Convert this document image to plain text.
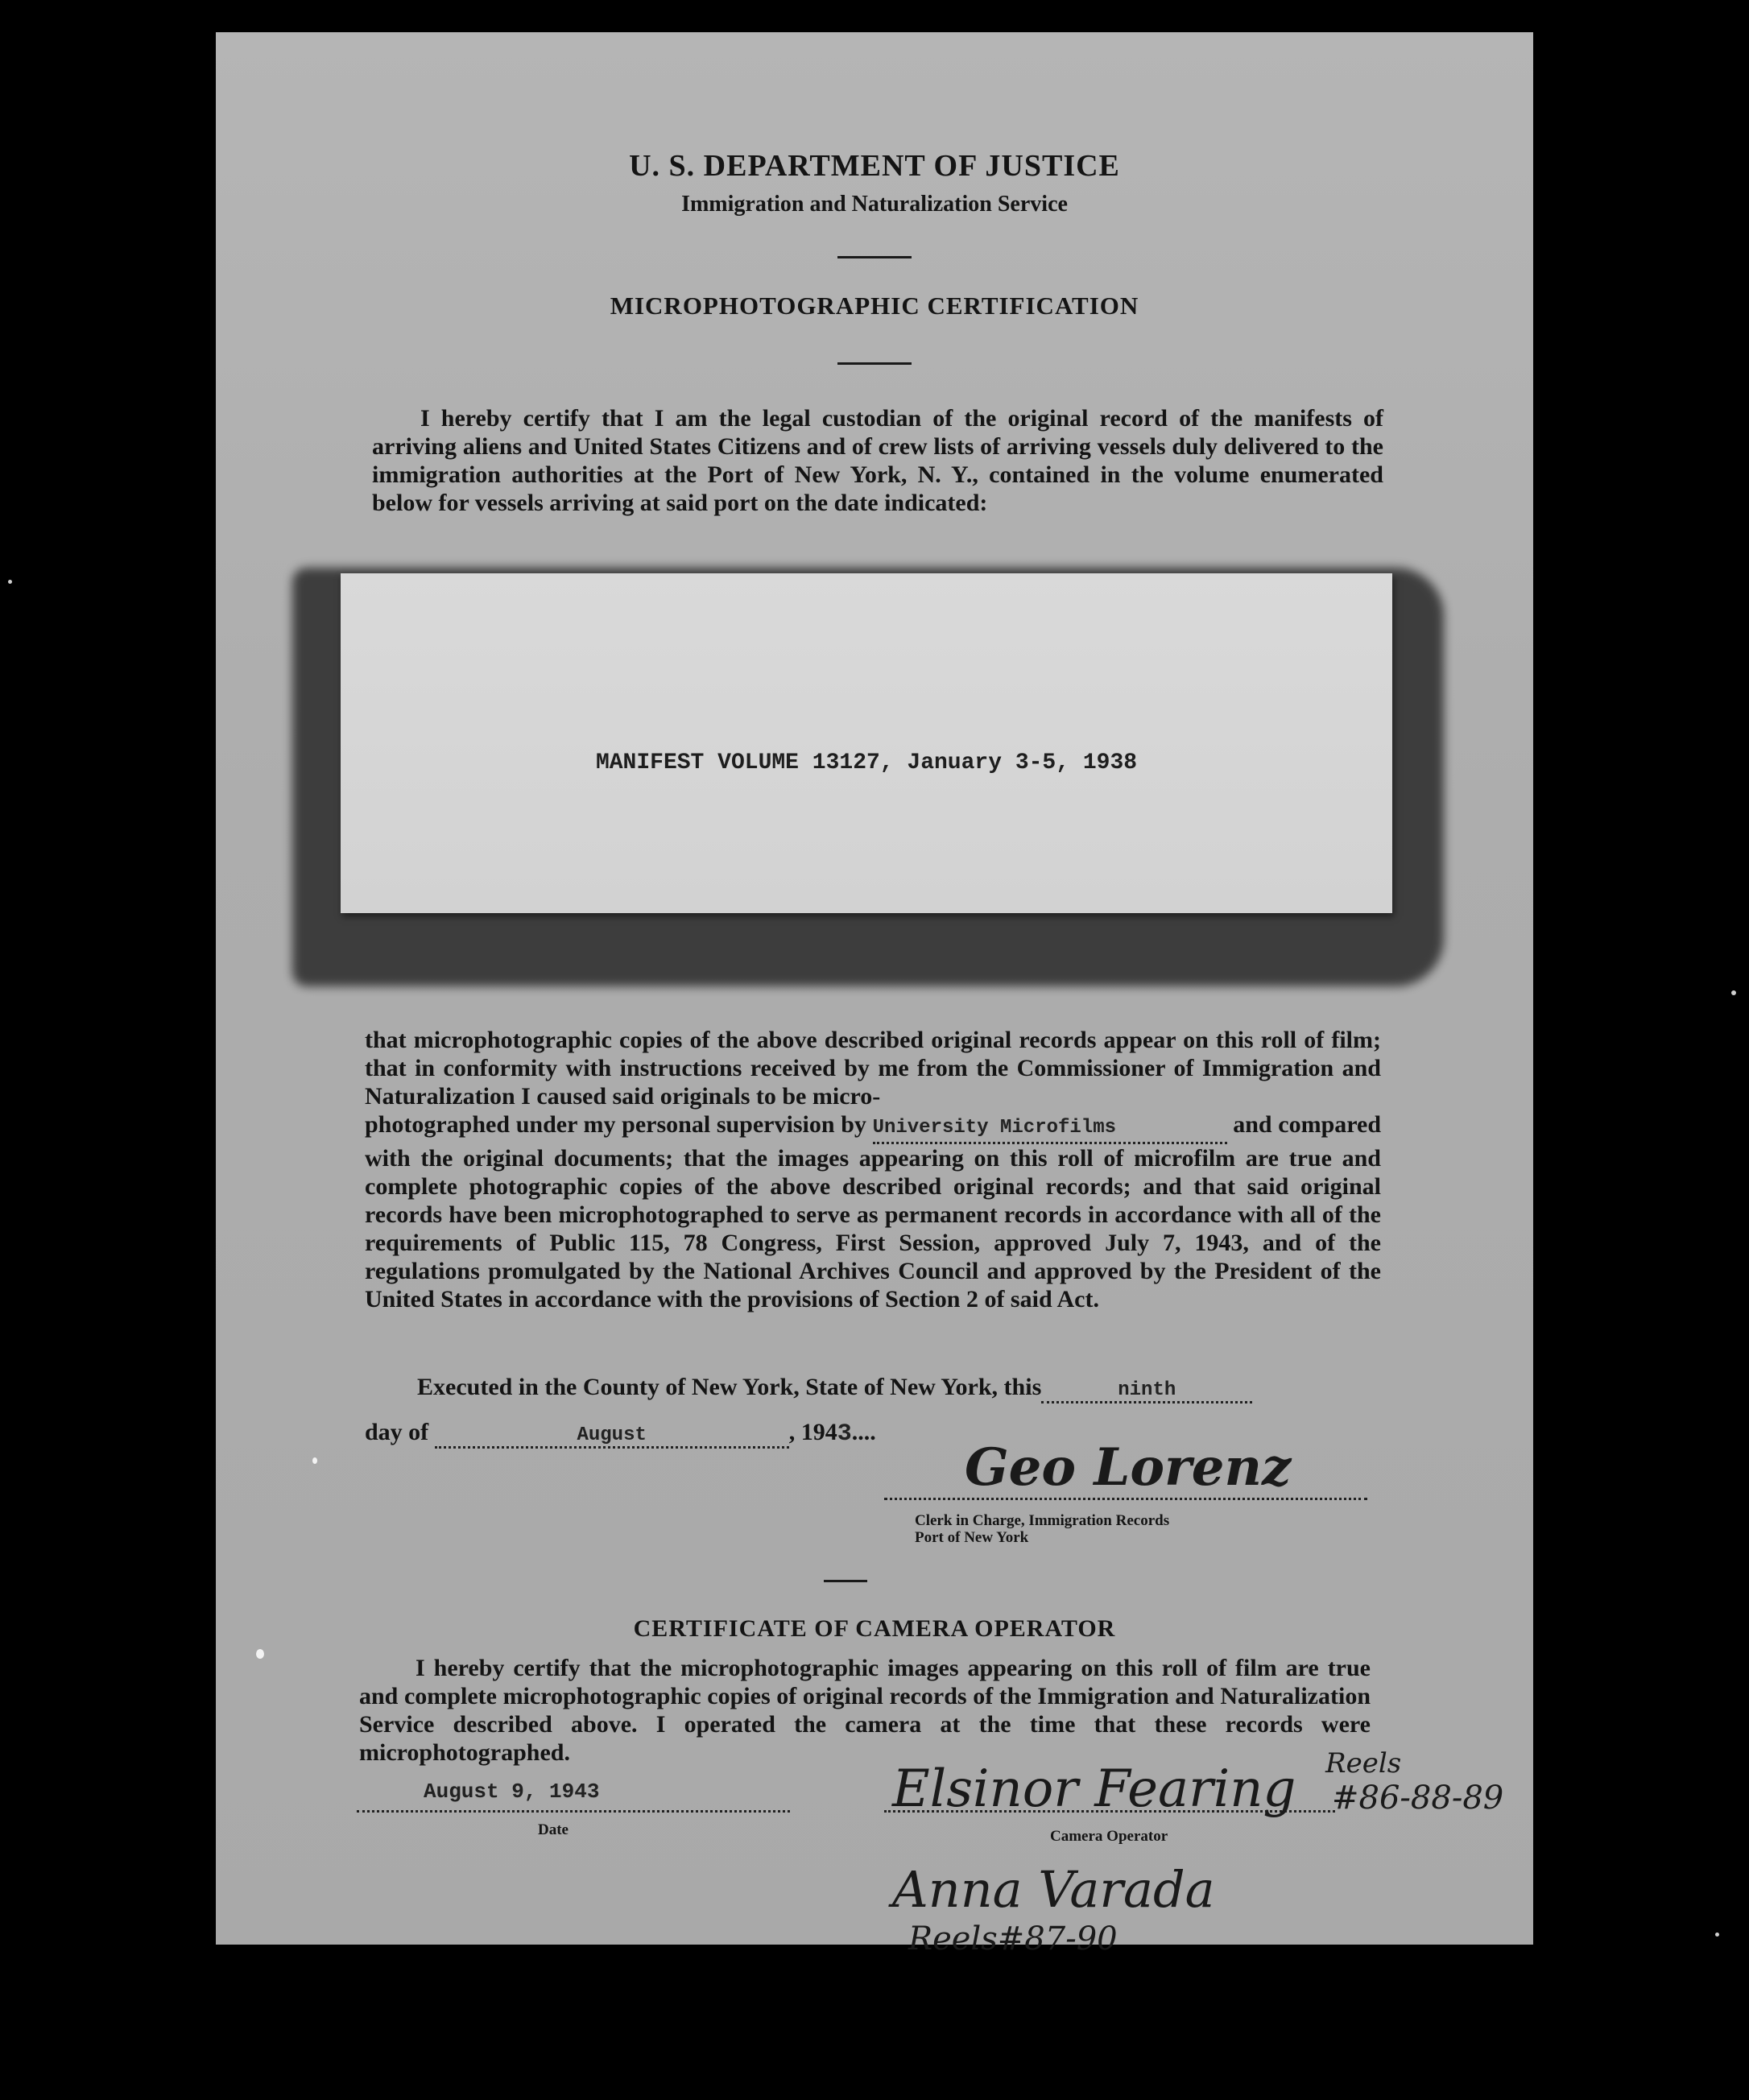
U. S. DEPARTMENT OF JUSTICE
Immigration and Naturalization Service
MICROPHOTOGRAPHIC CERTIFICATION
I hereby certify that I am the legal custodian of the original record of the manifests of arriving aliens and United States Citizens and of crew lists of arriving vessels duly delivered to the immigration authorities at the Port of New York, N. Y., contained in the volume enumerated below for vessels arriving at said port on the date indicated:
MANIFEST VOLUME 13127, January 3-5, 1938
that microphotographic copies of the above described original records appear on this roll of film; that in conformity with instructions received by me from the Commissioner of Immigration and Naturalization I caused said originals to be micro-
photographed under my personal supervision by University Microfilms	and compared with the original documents; that the images appearing on this roll of microfilm are true and complete photographic copies of the above described original records; and that said original records have been microphotographed to serve as permanent records in accordance with all of the requirements of Public 115, 78 Congress, First Session, approved July 7, 1943, and of the regulations promulgated by the National Archives Council and approved by the President of the United States in accordance with the provisions of Section 2 of said Act.
Executed in the County of New York, State of New York, this	ninth
day of	August	, 1943....
Geo Lorenz
Clerk in Charge, Immigration Records
Port of New York
CERTIFICATE OF CAMERA OPERATOR
I hereby certify that the microphotographic images appearing on this roll of film are true and complete microphotographic copies of original records of the Immigration and Naturalization Service described above. I operated the camera at the time that these records were microphotographed.
August 9, 1943
Date
Elsinor Fearing Reels
#86-88-89
Camera Operator
Anna Varada
Reels#87-90
